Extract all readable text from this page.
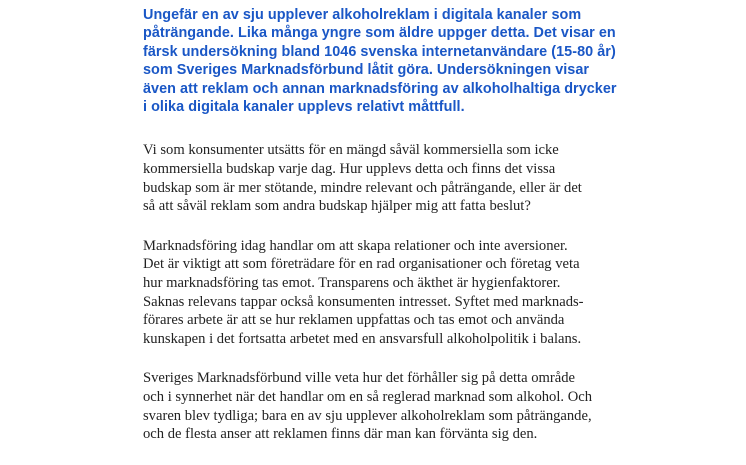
Ungefär en av sju upplever alkoholreklam i digitala kanaler som
påträngande. Lika många yngre som äldre uppger detta. Det visar en
färsk undersökning bland 1046 svenska internetanvändare (15-80 år)
som Sveriges Marknadsförbund låtit göra. Undersökningen visar
även att reklam och annan marknadsföring av alkoholhaltiga drycker
i olika digitala kanaler upplevs relativt måttfull.

Vi som konsumenter utsätts för en mängd såväl kommersiella som icke
kommersiella budskap varje dag. Hur upplevs detta och finns det vissa
budskap som är mer stötande, mindre relevant och påträngande, eller är det
så att såväl reklam som andra budskap hjälper mig att fatta beslut?

Marknadsföring idag handlar om att skapa relationer och inte aversioner.
Det är viktigt att som företrädare för en rad organisationer och företag veta
hur marknadsföring tas emot. Transparens och äkthet är hygienfaktorer.
Saknas relevans tappar också konsumenten intresset. Syftet med marknads-
förares arbete är att se hur reklamen uppfattas och tas emot och använda
kunskapen i det fortsatta arbetet med en ansvarsfull alkoholpolitik i balans.

Sveriges Marknadsförbund ville veta hur det förhåller sig på detta område
och i synnerhet när det handlar om en så reglerad marknad som alkohol. Och
svaren blev tydliga; bara en av sju upplever alkoholreklam som påträngande,
och de flesta anser att reklamen finns där man kan förvänta sig den.
